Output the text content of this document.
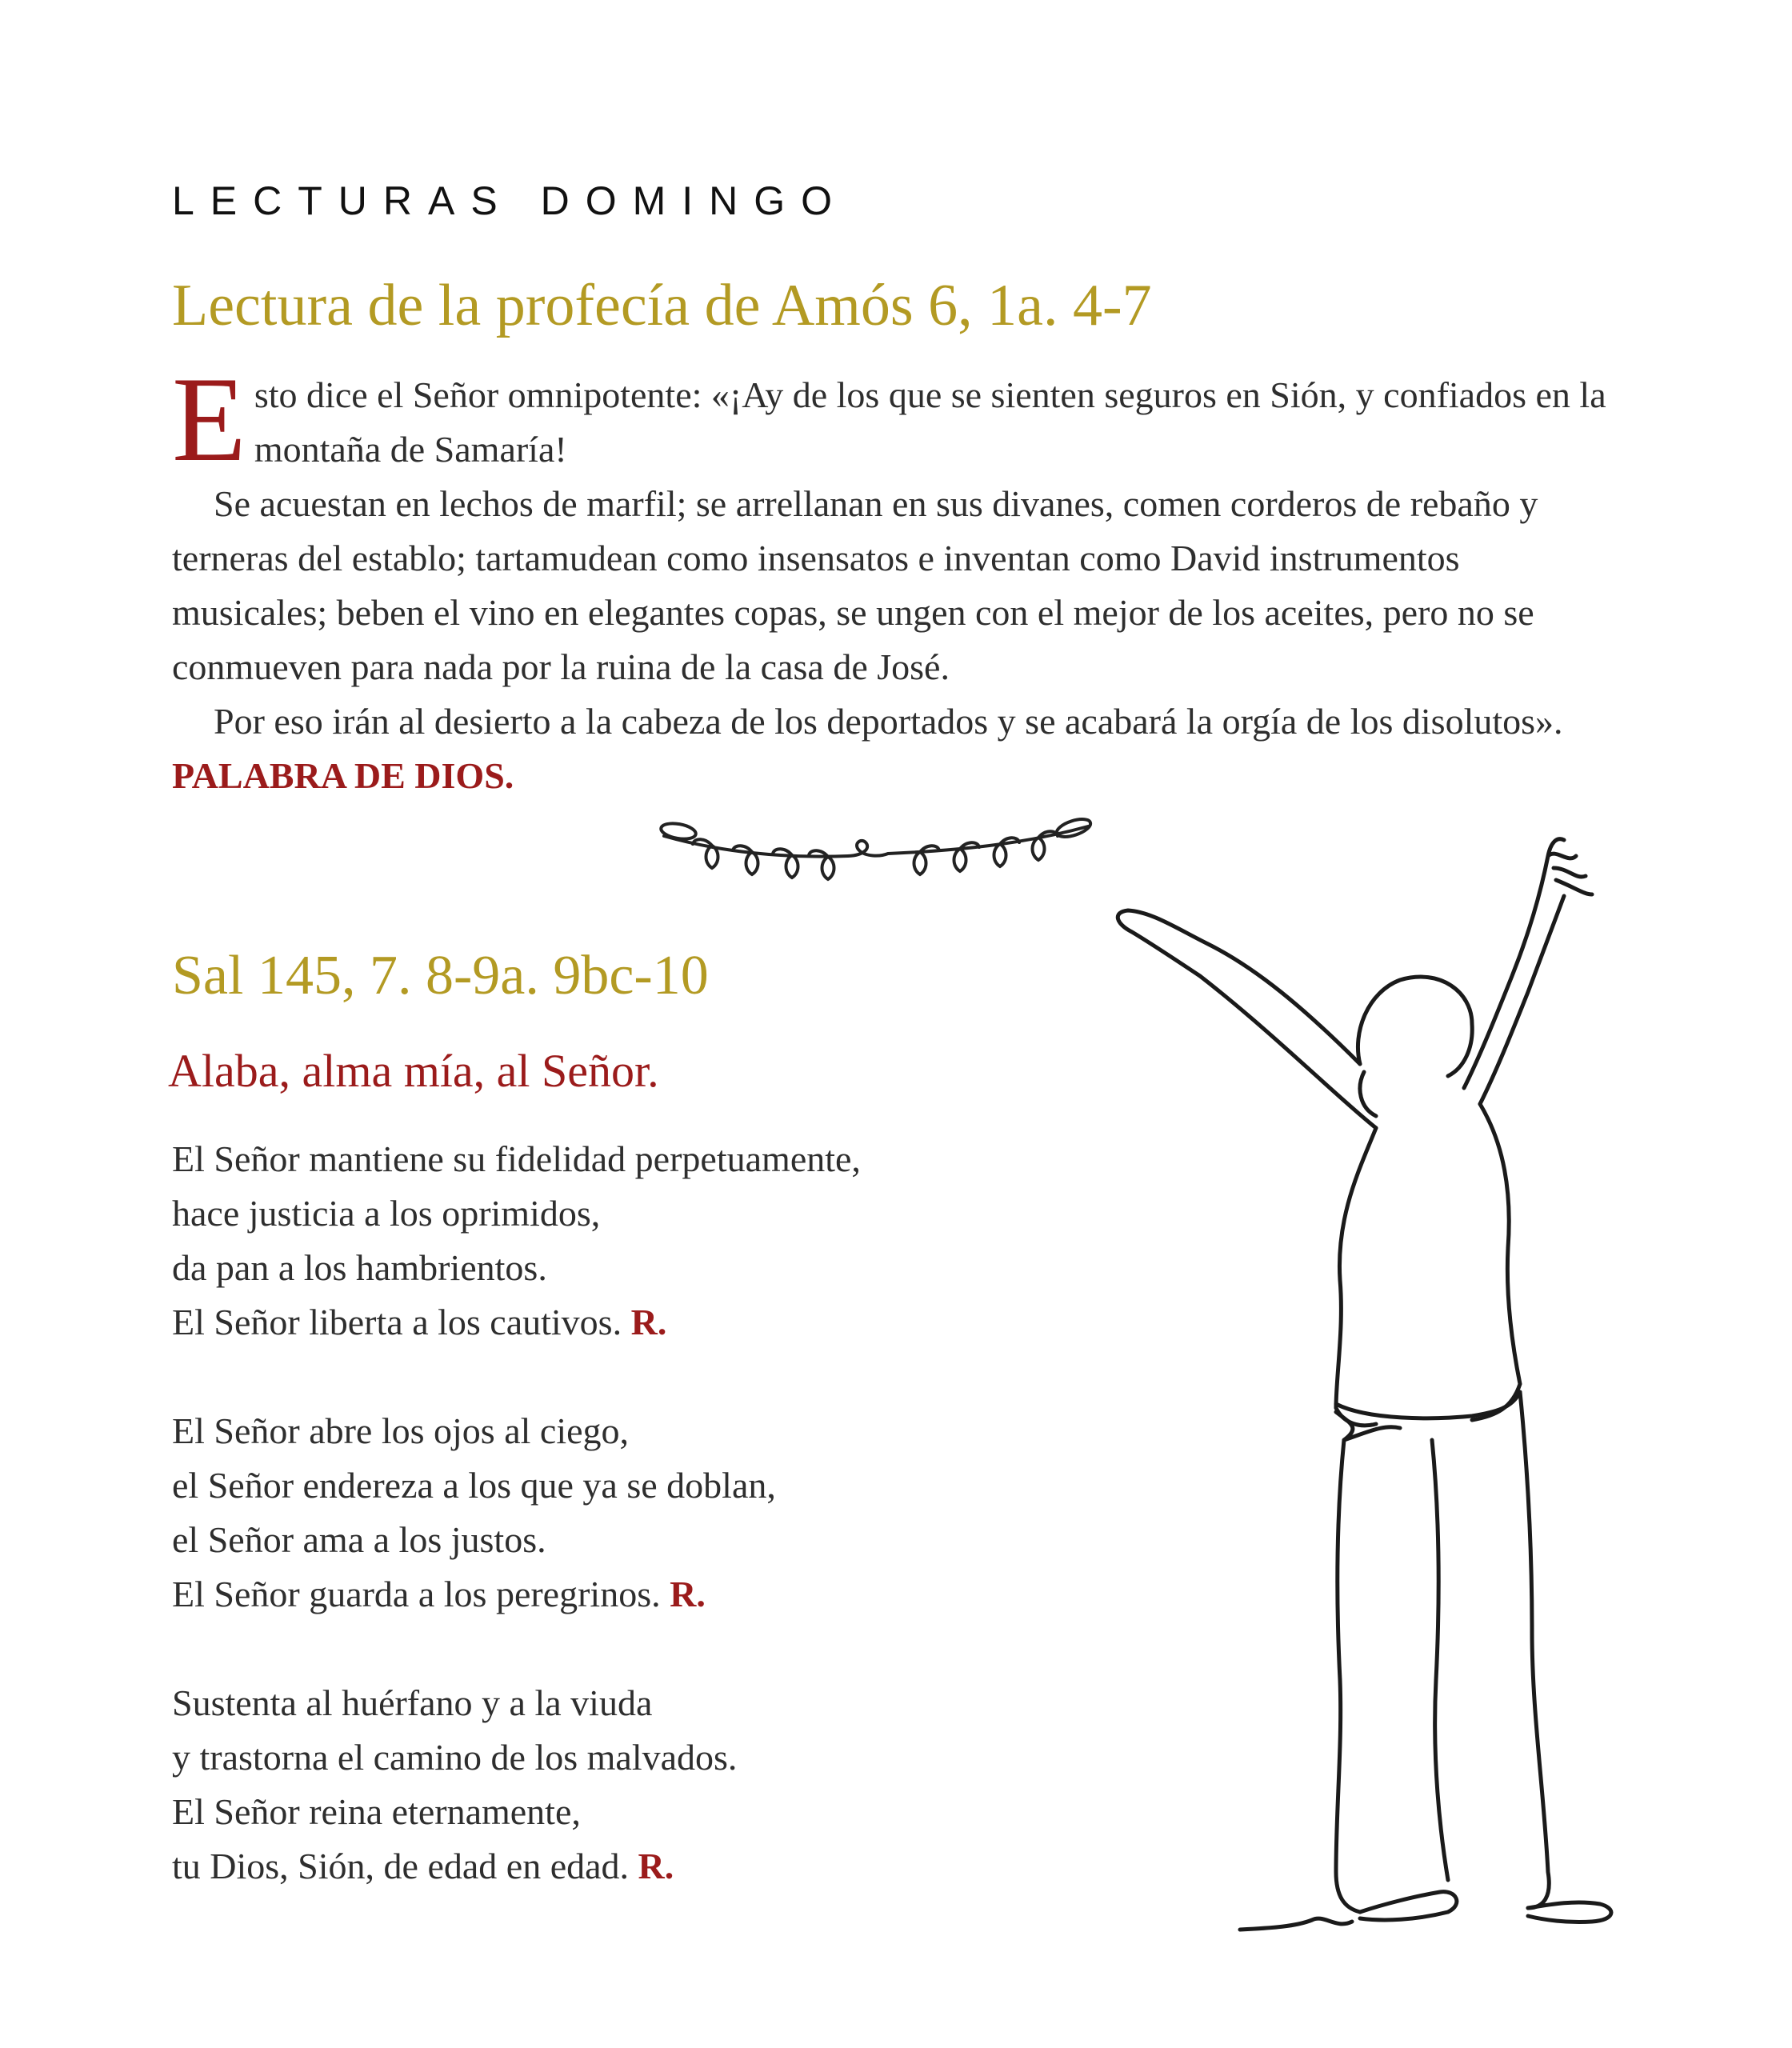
LECTURAS DOMINGO
Lectura de la profecía de Amós 6, 1a. 4-7

Esto dice el Señor omnipotente: «¡Ay de los que se sienten seguros en Sión, y confiados en la montaña de Samaría!

Se acuestan en lechos de marfil; se arrellanan en sus divanes, comen corderos de rebaño y terneras del establo; tartamudean como insensatos e inventan como David instrumentos musicales; beben el vino en elegantes copas, se ungen con el mejor de los aceites, pero no se conmueven para nada por la ruina de la casa de José.

Por eso irán al desierto a la cabeza de los deportados y se acabará la orgía de los disolutos». PALABRA DE DIOS.

Sal 145, 7. 8-9a. 9bc-10
Alaba, alma mía, al Señor.
El Señor mantiene su fidelidad perpetuamente,
hace justicia a los oprimidos,
da pan a los hambrientos.
El Señor liberta a los cautivos. R.
El Señor abre los ojos al ciego,
el Señor endereza a los que ya se doblan,
el Señor ama a los justos.
El Señor guarda a los peregrinos. R.
Sustenta al huérfano y a la viuda
y trastorna el camino de los malvados.
El Señor reina eternamente,
tu Dios, Sión, de edad en edad. R.
